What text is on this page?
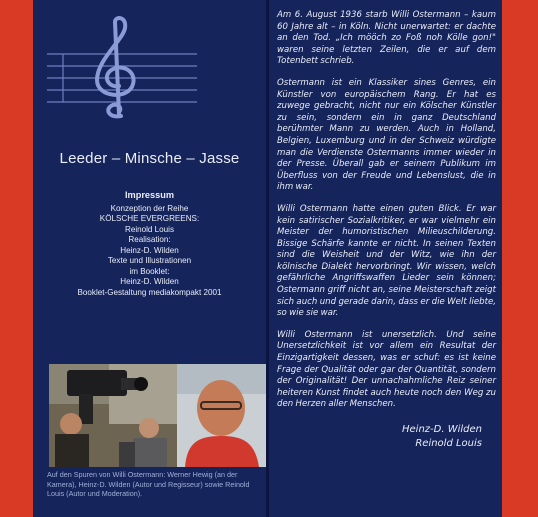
Leeder – Minsche – Jasse
Impressum
Konzeption der Reihe
KÖLSCHE EVERGREENS:
Reinold Louis
Realisation:
Heinz-D. Wilden
Texte und Illustrationen
im Booklet:
Heinz-D. Wilden
Booklet-Gestaltung mediakompakt 2001
Auf den Spuren von Willi Ostermann: Werner Hewig (an der Kamera), Heinz-D. Wilden (Autor und Regisseur) sowie Reinold Louis (Autor und Moderation).

Am 6. August 1936 starb Willi Ostermann – kaum 60 Jahre alt – in Köln. Nicht unerwartet: er dachte an den Tod. „Ich mööch zo Foß noh Kölle gon!" waren seine letzten Zeilen, die er auf dem Totenbett schrieb.

Ostermann ist ein Klassiker sines Genres, ein Künstler von europäischem Rang. Er hat es zuwege gebracht, nicht nur ein Kölscher Künstler zu sein, sondern ein in ganz Deutschland berühmter Mann zu werden. Auch in Holland, Belgien, Luxemburg und in der Schweiz würdigte man die Verdienste Ostermanns immer wieder in der Presse. Überall gab er seinem Publikum im Überfluss von der Freude und Lebenslust, die in ihm war.

Willi Ostermann hatte einen guten Blick. Er war kein satirischer Sozialkritiker, er war vielmehr ein Meister der humoristischen Milieuschilderung. Bissige Schärfe kannte er nicht. In seinen Texten sind die Weisheit und der Witz, wie ihn der kölnische Dialekt hervorbringt. Wir wissen, welch gefährliche Angriffswaffen Lieder sein können; Ostermann griff nicht an, seine Meisterschaft zeigt sich auch und gerade darin, dass er die Welt liebte, so wie sie war.

Willi Ostermann ist unersetzlich. Und seine Unersetzlichkeit ist vor allem ein Resultat der Einzigartigkeit dessen, was er schuf: es ist keine Frage der Qualität oder gar der Quantität, sondern der Originalität! Der unnachahmliche Reiz seiner heiteren Kunst findet auch heute noch den Weg zu den Herzen aller Menschen.

Heinz-D. Wilden
Reinold Louis
